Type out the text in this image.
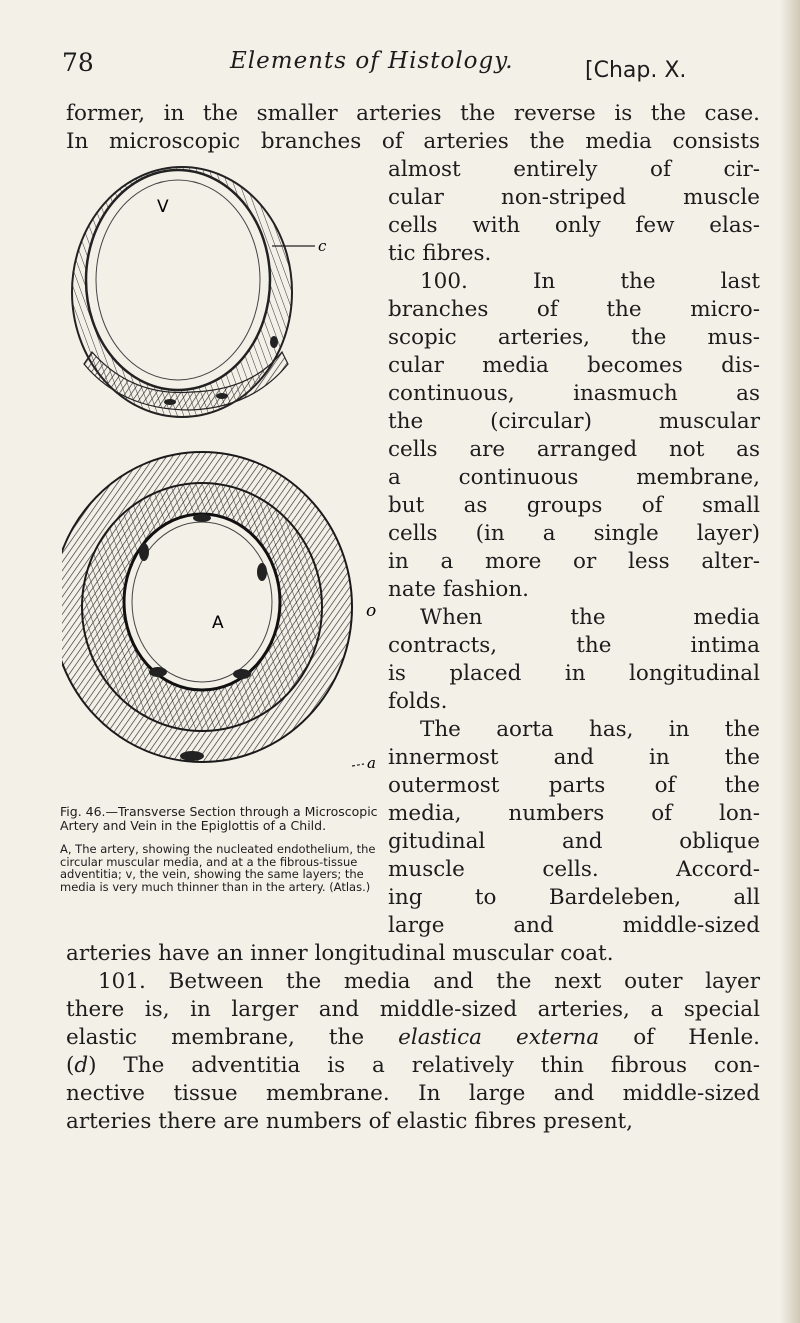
78	Elements of Histology.	[Chap. X.
former, in the smaller arteries the reverse is the case.
In microscopic branches of arteries the media consists
V
A
c
o
a
Fig. 46.—Transverse Section through a Microscopic Artery and Vein in the Epiglottis of a Child.
A, The artery, showing the nucleated endothelium, the circular muscular media, and at a the fibrous-tissue adventitia; v, the vein, showing the same layers; the media is very much thinner than in the artery. (Atlas.)
almost entirely of cir-
cular non-striped muscle
cells with only few elas-
tic fibres.
100. In the last
branches of the micro-
scopic arteries, the mus-
cular media becomes dis-
continuous, inasmuch as
the (circular) muscular
cells are arranged not as
a continuous membrane,
but as groups of small
cells (in a single layer)
in a more or less alter-
nate fashion.
When the media
contracts, the intima
is placed in longitudinal
folds.
The aorta has, in the
innermost and in the
outermost parts of the
media, numbers of lon-
gitudinal and oblique
muscle cells. Accord-
ing to Bardeleben, all
large and middle-sized
arteries have an inner longitudinal muscular coat.
101. Between the media and the next outer layer
there is, in larger and middle-sized arteries, a special
elastic membrane, the elastica externa of Henle.
(d) The adventitia is a relatively thin fibrous con-
nective tissue membrane. In large and middle-sized
arteries there are numbers of elastic fibres present,
